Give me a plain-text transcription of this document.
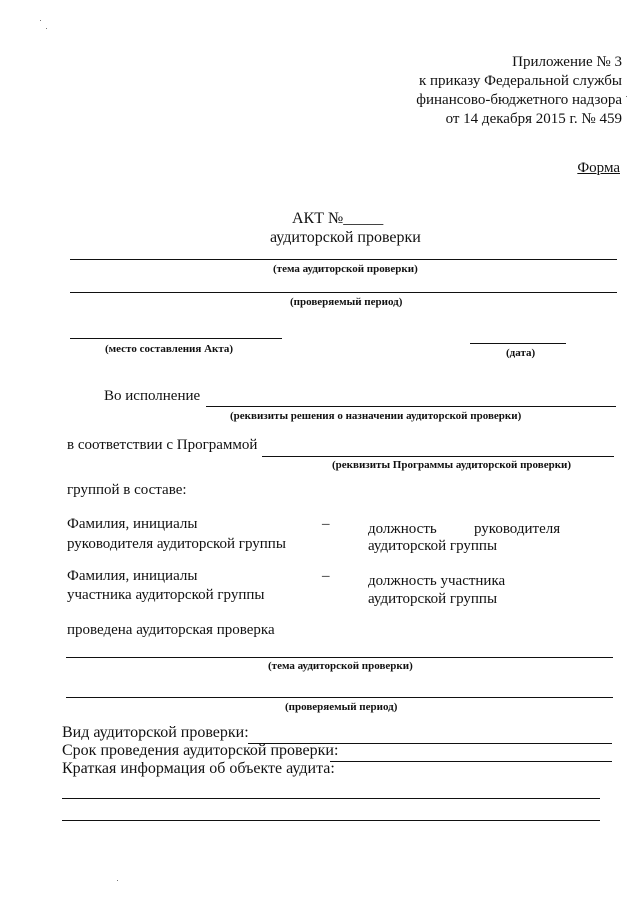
Приложение № 3
к приказу Федеральной службы
финансово-бюджетного надзора
от 14 декабря 2015 г. № 459
Форма
АКТ №_____
аудиторской проверки
(тема аудиторской проверки)
(проверяемый период)
(место составления Акта)	(дата)
Во исполнение
(реквизиты решения о назначении аудиторской проверки)
в соответствии с Программой
(реквизиты Программы аудиторской проверки)
группой в составе:
Фамилия, инициалы
руководителя аудиторской группы
–	должность руководителя
аудиторской группы
Фамилия, инициалы
участника аудиторской группы
–	должность участника
аудиторской группы
проведена аудиторская проверка
(тема аудиторской проверки)
(проверяемый период)
Вид аудиторской проверки:
Срок проведения аудиторской проверки:
Краткая информация об объекте аудита:
